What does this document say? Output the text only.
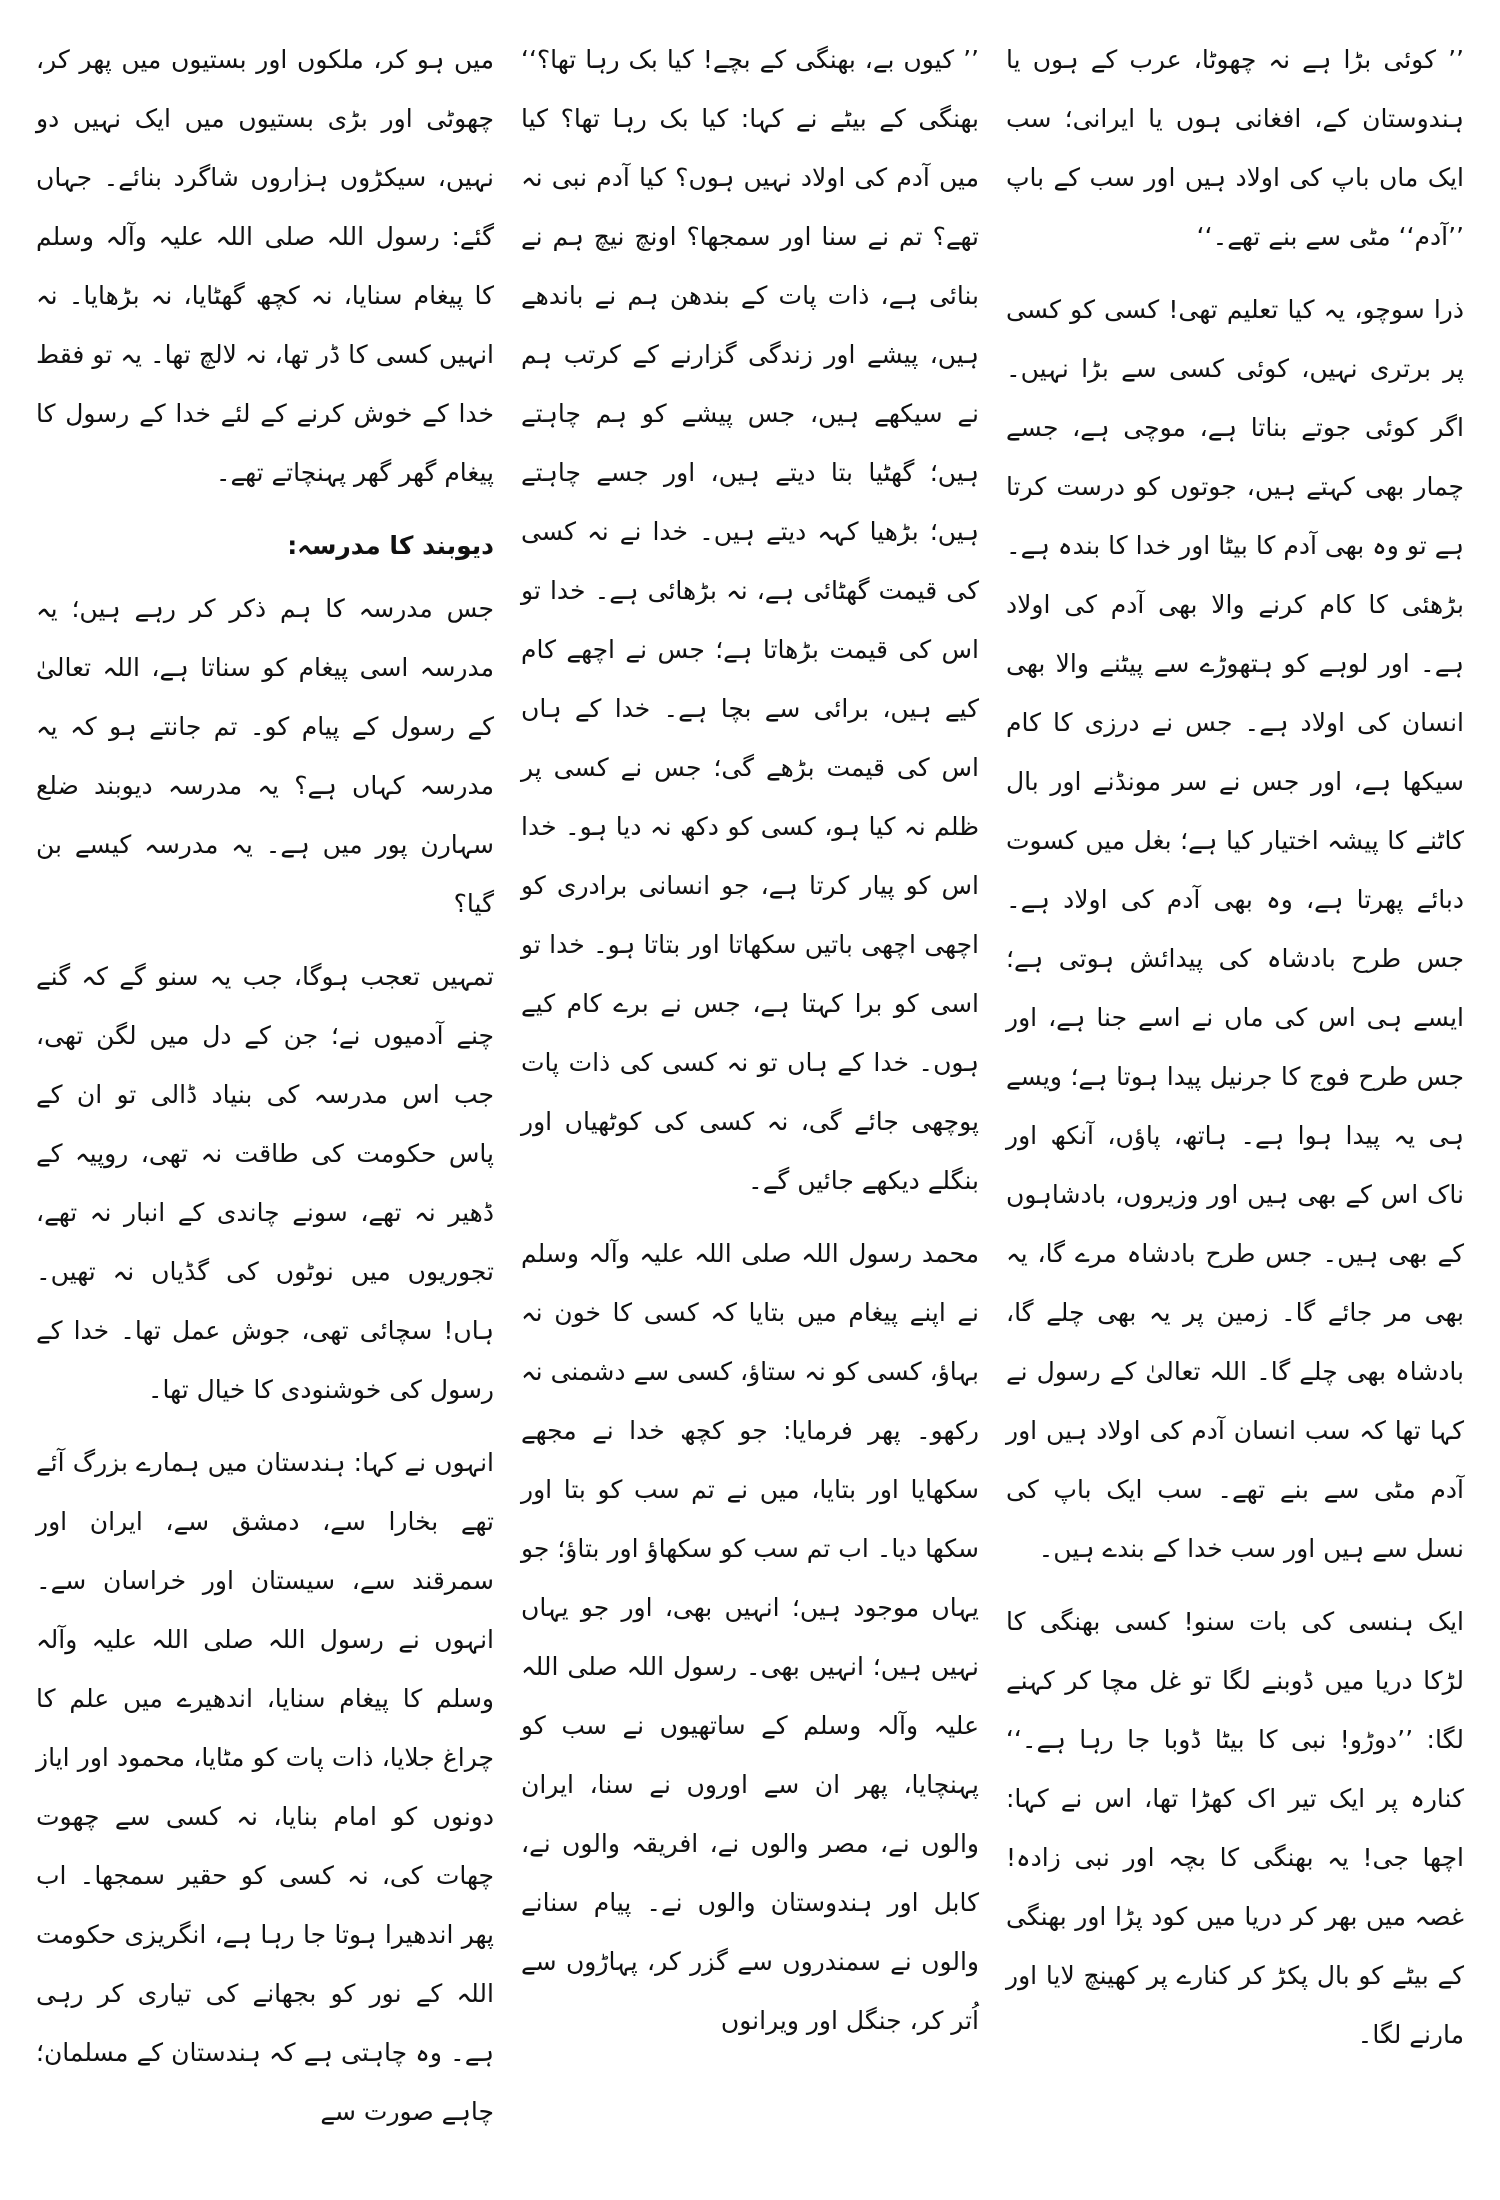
’’ کوئی بڑا ہے نہ چھوٹا، عرب کے ہوں یا ہندوستان کے، افغانی ہوں یا ایرانی؛ سب ایک ماں باپ کی اولاد ہیں اور سب کے باپ ’’آدم‘‘ مٹی سے بنے تھے۔‘‘

ذرا سوچو، یہ کیا تعلیم تھی! کسی کو کسی پر برتری نہیں، کوئی کسی سے بڑا نہیں۔ اگر کوئی جوتے بناتا ہے، موچی ہے، جسے چمار بھی کہتے ہیں، جوتوں کو درست کرتا ہے تو وہ بھی آدم کا بیٹا اور خدا کا بندہ ہے۔ بڑھئی کا کام کرنے والا بھی آدم کی اولاد ہے۔ اور لوہے کو ہتھوڑے سے پیٹنے والا بھی انسان کی اولاد ہے۔ جس نے درزی کا کام سیکھا ہے، اور جس نے سر مونڈنے اور بال کاٹنے کا پیشہ اختیار کیا ہے؛ بغل میں کسوت دبائے پھرتا ہے، وہ بھی آدم کی اولاد ہے۔ جس طرح بادشاہ کی پیدائش ہوتی ہے؛ ایسے ہی اس کی ماں نے اسے جنا ہے، اور جس طرح فوج کا جرنیل پیدا ہوتا ہے؛ ویسے ہی یہ پیدا ہوا ہے۔ ہاتھ، پاؤں، آنکھ اور ناک اس کے بھی ہیں اور وزیروں، بادشاہوں کے بھی ہیں۔ جس طرح بادشاہ مرے گا، یہ بھی مر جائے گا۔ زمین پر یہ بھی چلے گا، بادشاہ بھی چلے گا۔ اللہ تعالیٰ کے رسول نے کہا تھا کہ سب انسان آدم کی اولاد ہیں اور آدم مٹی سے بنے تھے۔ سب ایک باپ کی نسل سے ہیں اور سب خدا کے بندے ہیں۔

ایک ہنسی کی بات سنو! کسی بھنگی کا لڑکا دریا میں ڈوبنے لگا تو غل مچا کر کہنے لگا: ’’دوڑو! نبی کا بیٹا ڈوبا جا رہا ہے۔‘‘ کنارہ پر ایک تیر اک کھڑا تھا، اس نے کہا: اچھا جی! یہ بھنگی کا بچہ اور نبی زادہ! غصہ میں بھر کر دریا میں کود پڑا اور بھنگی کے بیٹے کو بال پکڑ کر کنارے پر کھینچ لایا اور مارنے لگا۔

’’ کیوں بے، بھنگی کے بچے! کیا بک رہا تھا؟‘‘ بھنگی کے بیٹے نے کہا: کیا بک رہا تھا؟ کیا میں آدم کی اولاد نہیں ہوں؟ کیا آدم نبی نہ تھے؟ تم نے سنا اور سمجھا؟ اونچ نیچ ہم نے بنائی ہے، ذات پات کے بندھن ہم نے باندھے ہیں، پیشے اور زندگی گزارنے کے کرتب ہم نے سیکھے ہیں، جس پیشے کو ہم چاہتے ہیں؛ گھٹیا بتا دیتے ہیں، اور جسے چاہتے ہیں؛ بڑھیا کہہ دیتے ہیں۔ خدا نے نہ کسی کی قیمت گھٹائی ہے، نہ بڑھائی ہے۔ خدا تو اس کی قیمت بڑھاتا ہے؛ جس نے اچھے کام کیے ہیں، برائی سے بچا ہے۔ خدا کے ہاں اس کی قیمت بڑھے گی؛ جس نے کسی پر ظلم نہ کیا ہو، کسی کو دکھ نہ دیا ہو۔ خدا اس کو پیار کرتا ہے، جو انسانی برادری کو اچھی اچھی باتیں سکھاتا اور بتاتا ہو۔ خدا تو اسی کو برا کہتا ہے، جس نے برے کام کیے ہوں۔ خدا کے ہاں تو نہ کسی کی ذات پات پوچھی جائے گی، نہ کسی کی کوٹھیاں اور بنگلے دیکھے جائیں گے۔

محمد رسول اللہ صلی اللہ علیہ وآلہ وسلم نے اپنے پیغام میں بتایا کہ کسی کا خون نہ بہاؤ، کسی کو نہ ستاؤ، کسی سے دشمنی نہ رکھو۔ پھر فرمایا: جو کچھ خدا نے مجھے سکھایا اور بتایا، میں نے تم سب کو بتا اور سکھا دیا۔ اب تم سب کو سکھاؤ اور بتاؤ؛ جو یہاں موجود ہیں؛ انہیں بھی، اور جو یہاں نہیں ہیں؛ انہیں بھی۔ رسول اللہ صلی اللہ علیہ وآلہ وسلم کے ساتھیوں نے سب کو پہنچایا، پھر ان سے اوروں نے سنا، ایران والوں نے، مصر والوں نے، افریقہ والوں نے، کابل اور ہندوستان والوں نے۔ پیام سنانے والوں نے سمندروں سے گزر کر، پہاڑوں سے اُتر کر، جنگل اور ویرانوں

میں ہو کر، ملکوں اور بستیوں میں پھر کر، چھوٹی اور بڑی بستیوں میں ایک نہیں دو نہیں، سیکڑوں ہزاروں شاگرد بنائے۔ جہاں گئے: رسول اللہ صلی اللہ علیہ وآلہ وسلم کا پیغام سنایا، نہ کچھ گھٹایا، نہ بڑھایا۔ نہ انہیں کسی کا ڈر تھا، نہ لالچ تھا۔ یہ تو فقط خدا کے خوش کرنے کے لئے خدا کے رسول کا پیغام گھر گھر پہنچاتے تھے۔

دیوبند کا مدرسہ:

جس مدرسہ کا ہم ذکر کر رہے ہیں؛ یہ مدرسہ اسی پیغام کو سناتا ہے، اللہ تعالیٰ کے رسول کے پیام کو۔ تم جانتے ہو کہ یہ مدرسہ کہاں ہے؟ یہ مدرسہ دیوبند ضلع سہارن پور میں ہے۔ یہ مدرسہ کیسے بن گیا؟

تمہیں تعجب ہوگا، جب یہ سنو گے کہ گنے چنے آدمیوں نے؛ جن کے دل میں لگن تھی، جب اس مدرسہ کی بنیاد ڈالی تو ان کے پاس حکومت کی طاقت نہ تھی، روپیہ کے ڈھیر نہ تھے، سونے چاندی کے انبار نہ تھے، تجوریوں میں نوٹوں کی گڈیاں نہ تھیں۔ ہاں! سچائی تھی، جوش عمل تھا۔ خدا کے رسول کی خوشنودی کا خیال تھا۔

انہوں نے کہا: ہندستان میں ہمارے بزرگ آئے تھے بخارا سے، دمشق سے، ایران اور سمرقند سے، سیستان اور خراسان سے۔ انہوں نے رسول اللہ صلی اللہ علیہ وآلہ وسلم کا پیغام سنایا، اندھیرے میں علم کا چراغ جلایا، ذات پات کو مٹایا، محمود اور ایاز دونوں کو امام بنایا، نہ کسی سے چھوت چھات کی، نہ کسی کو حقیر سمجھا۔ اب پھر اندھیرا ہوتا جا رہا ہے، انگریزی حکومت اللہ کے نور کو بجھانے کی تیاری کر رہی ہے۔ وہ چاہتی ہے کہ ہندستان کے مسلمان؛ چاہے صورت سے
